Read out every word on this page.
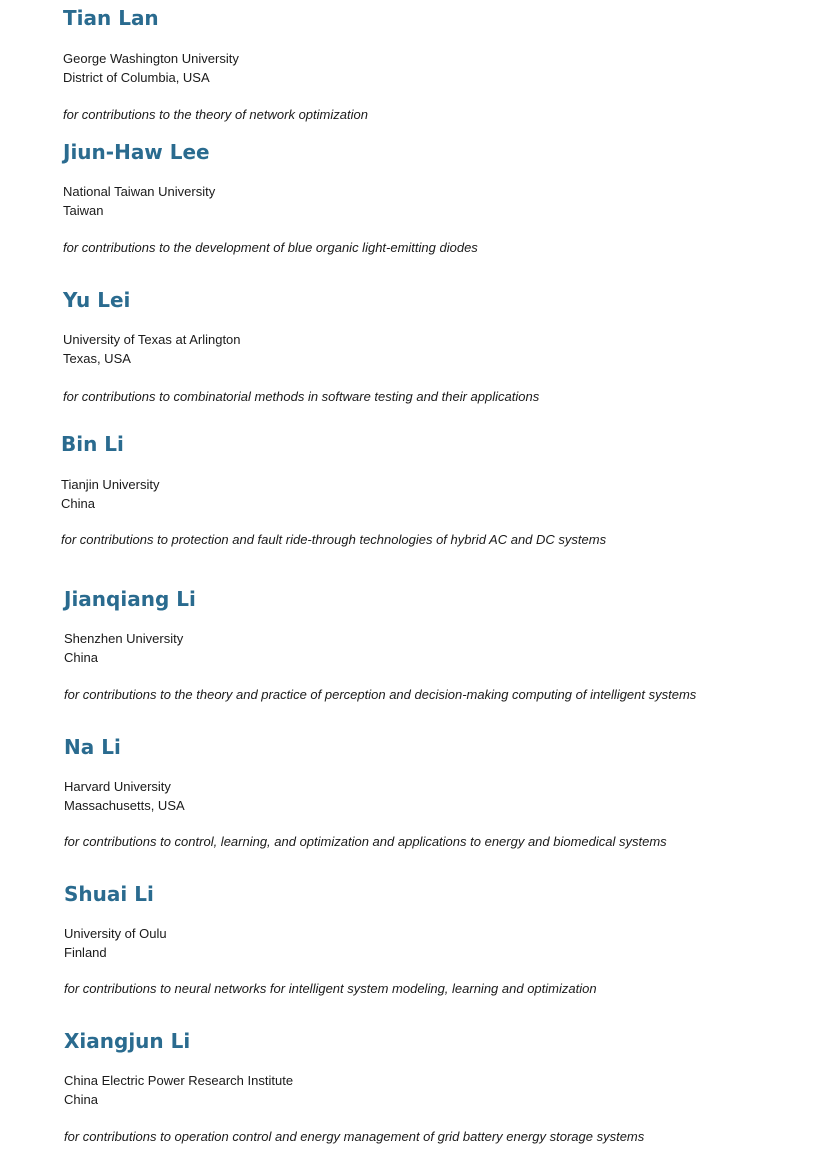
Tian Lan
George Washington University
District of Columbia, USA
for contributions to the theory of network optimization
Jiun-Haw Lee
National Taiwan University
Taiwan
for contributions to the development of blue organic light-emitting diodes
Yu Lei
University of Texas at Arlington
Texas, USA
for contributions to combinatorial methods in software testing and their applications
Bin Li
Tianjin University
China
for contributions to protection and fault ride-through technologies of hybrid AC and DC systems
Jianqiang Li
Shenzhen University
China
for contributions to the theory and practice of perception and decision-making computing of intelligent systems
Na Li
Harvard University
Massachusetts, USA
for contributions to control, learning, and optimization and applications to energy and biomedical systems
Shuai Li
University of Oulu
Finland
for contributions to neural networks for intelligent system modeling, learning and optimization
Xiangjun Li
China Electric Power Research Institute
China
for contributions to operation control and energy management of grid battery energy storage systems
